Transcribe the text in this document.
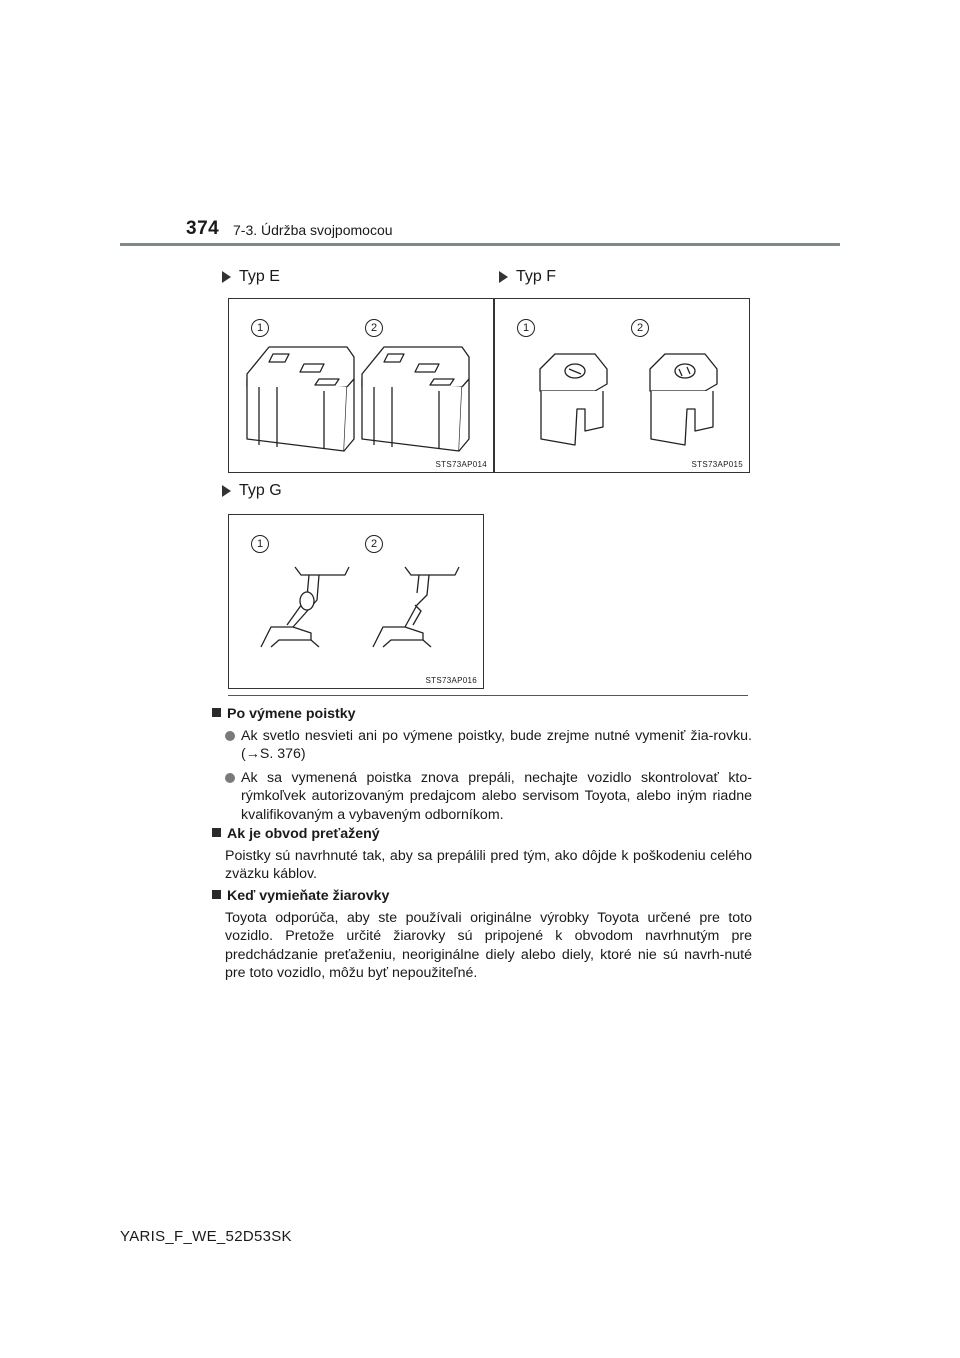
374 7-3. Údržba svojpomocou
Typ E	Typ F
1	2
STS73AP014
1	2
STS73AP015
Typ G
1	2
STS73AP016
Po výmene poistky
Ak svetlo nesvieti ani po výmene poistky, bude zrejme nutné vymeniť žia-rovku. (→S. 376)
Ak sa vymenená poistka znova prepáli, nechajte vozidlo skontrolovať kto-rýmkoľvek autorizovaným predajcom alebo servisom Toyota, alebo iným riadne kvalifikovaným a vybaveným odborníkom.
Ak je obvod preťažený
Poistky sú navrhnuté tak, aby sa prepálili pred tým, ako dôjde k poškodeniu celého zväzku káblov.
Keď vymieňate žiarovky
Toyota odporúča, aby ste používali originálne výrobky Toyota určené pre toto vozidlo. Pretože určité žiarovky sú pripojené k obvodom navrhnutým pre predchádzanie preťaženiu, neoriginálne diely alebo diely, ktoré nie sú navrh-nuté pre toto vozidlo, môžu byť nepoužiteľné.
YARIS_F_WE_52D53SK
